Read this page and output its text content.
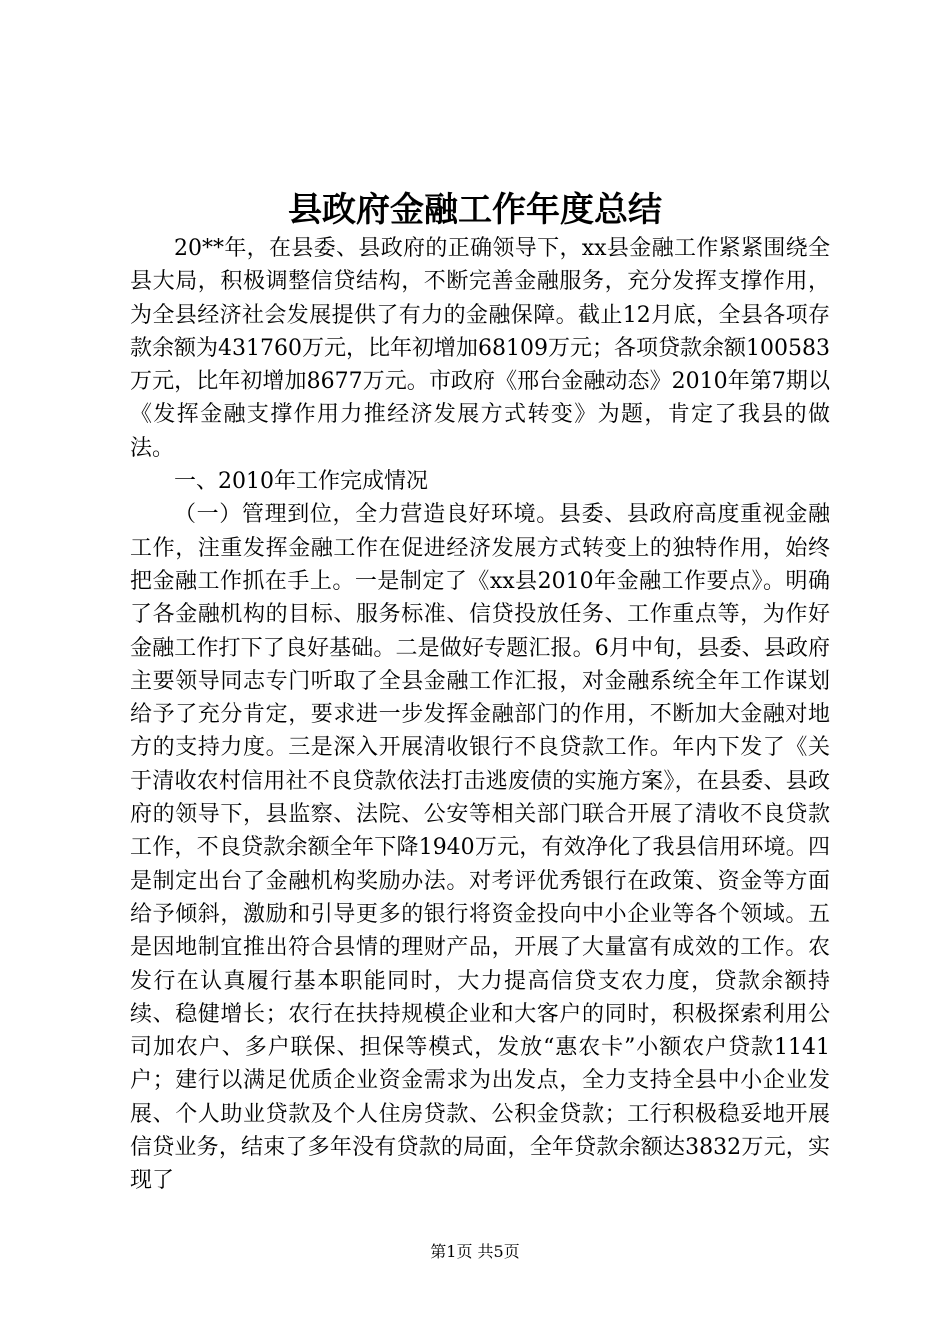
县政府金融工作年度总结

20**年，在县委、县政府的正确领导下，xx县金融工作紧紧围绕全县大局，积极调整信贷结构，不断完善金融服务，充分发挥支撑作用，为全县经济社会发展提供了有力的金融保障。截止12月底，全县各项存款余额为431760万元，比年初增加68109万元；各项贷款余额100583万元，比年初增加8677万元。市政府《邢台金融动态》2010年第7期以《发挥金融支撑作用力推经济发展方式转变》为题，肯定了我县的做法。

一、2010年工作完成情况

（一）管理到位，全力营造良好环境。县委、县政府高度重视金融工作，注重发挥金融工作在促进经济发展方式转变上的独特作用，始终把金融工作抓在手上。一是制定了《xx县2010年金融工作要点》。明确了各金融机构的目标、服务标准、信贷投放任务、工作重点等，为作好金融工作打下了良好基础。二是做好专题汇报。6月中旬，县委、县政府主要领导同志专门听取了全县金融工作汇报，对金融系统全年工作谋划给予了充分肯定，要求进一步发挥金融部门的作用，不断加大金融对地方的支持力度。三是深入开展清收银行不良贷款工作。年内下发了《关于清收农村信用社不良贷款依法打击逃废债的实施方案》，在县委、县政府的领导下，县监察、法院、公安等相关部门联合开展了清收不良贷款工作，不良贷款余额全年下降1940万元，有效净化了我县信用环境。四是制定出台了金融机构奖励办法。对考评优秀银行在政策、资金等方面给予倾斜，激励和引导更多的银行将资金投向中小企业等各个领域。五是因地制宜推出符合县情的理财产品，开展了大量富有成效的工作。农发行在认真履行基本职能同时，大力提高信贷支农力度，贷款余额持续、稳健增长；农行在扶持规模企业和大客户的同时，积极探索利用公司加农户、多户联保、担保等模式，发放“惠农卡”小额农户贷款1141户；建行以满足优质企业资金需求为出发点，全力支持全县中小企业发展、个人助业贷款及个人住房贷款、公积金贷款；工行积极稳妥地开展信贷业务，结束了多年没有贷款的局面，全年贷款余额达3832万元，实现了

第1页 共5页
